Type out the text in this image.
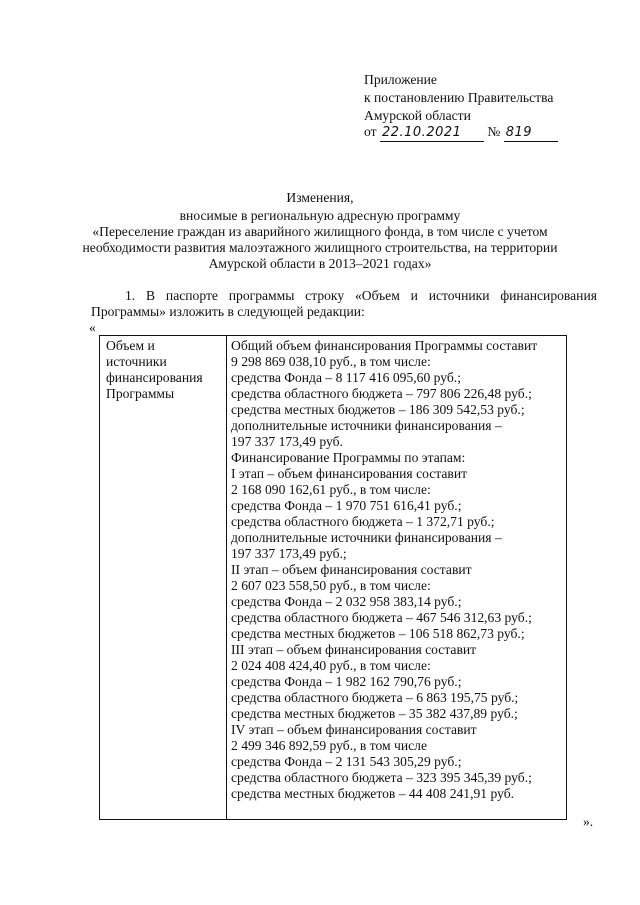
Приложение
к постановлению Правительства
Амурской области
от 22.10.2021 № 819
Изменения,
вносимые в региональную адресную программу
«Переселение граждан из аварийного жилищного фонда, в том числе с учетом
необходимости развития малоэтажного жилищного строительства, на территории
Амурской области в 2013–2021 годах»
1. В паспорте программы строку «Объем и источники финансирования
Программы» изложить в следующей редакции:
«
Объем и
источники
финансирования
Программы
Общий объем финансирования Программы составит
9 298 869 038,10 руб., в том числе:
средства Фонда – 8 117 416 095,60 руб.;
средства областного бюджета – 797 806 226,48 руб.;
средства местных бюджетов – 186 309 542,53 руб.;
дополнительные источники финансирования –
197 337 173,49 руб.
Финансирование Программы по этапам:
I этап – объем финансирования составит
2 168 090 162,61 руб., в том числе:
средства Фонда – 1 970 751 616,41 руб.;
средства областного бюджета – 1 372,71 руб.;
дополнительные источники финансирования –
197 337 173,49 руб.;
II этап – объем финансирования составит
2 607 023 558,50 руб., в том числе:
средства Фонда – 2 032 958 383,14 руб.;
средства областного бюджета – 467 546 312,63 руб.;
средства местных бюджетов – 106 518 862,73 руб.;
III этап – объем финансирования составит
2 024 408 424,40 руб., в том числе:
средства Фонда – 1 982 162 790,76 руб.;
средства областного бюджета – 6 863 195,75 руб.;
средства местных бюджетов – 35 382 437,89 руб.;
IV этап – объем финансирования составит
2 499 346 892,59 руб., в том числе
средства Фонда – 2 131 543 305,29 руб.;
средства областного бюджета – 323 395 345,39 руб.;
средства местных бюджетов – 44 408 241,91 руб.
».
